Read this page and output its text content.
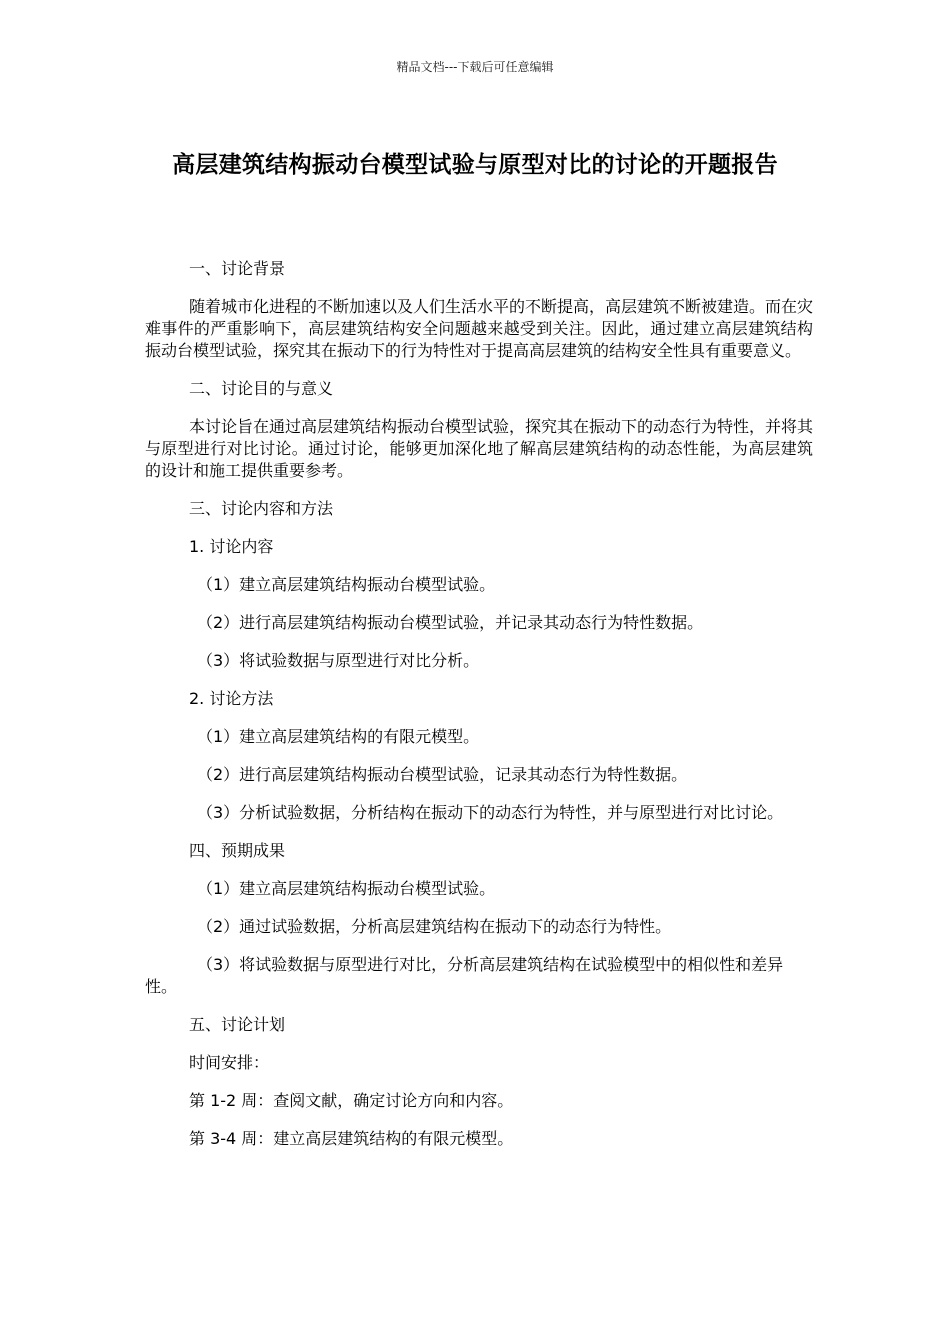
精品文档---下载后可任意编辑
高层建筑结构振动台模型试验与原型对比的讨论的开题报告

一、讨论背景

随着城市化进程的不断加速以及人们生活水平的不断提高，高层建筑不断被建造。而在灾难事件的严重影响下，高层建筑结构安全问题越来越受到关注。因此，通过建立高层建筑结构振动台模型试验，探究其在振动下的行为特性对于提高高层建筑的结构安全性具有重要意义。

二、讨论目的与意义

本讨论旨在通过高层建筑结构振动台模型试验，探究其在振动下的动态行为特性，并将其与原型进行对比讨论。通过讨论，能够更加深化地了解高层建筑结构的动态性能，为高层建筑的设计和施工提供重要参考。

三、讨论内容和方法

1. 讨论内容

（1）建立高层建筑结构振动台模型试验。

（2）进行高层建筑结构振动台模型试验，并记录其动态行为特性数据。

（3）将试验数据与原型进行对比分析。

2. 讨论方法

（1）建立高层建筑结构的有限元模型。

（2）进行高层建筑结构振动台模型试验，记录其动态行为特性数据。

（3）分析试验数据，分析结构在振动下的动态行为特性，并与原型进行对比讨论。

四、预期成果

（1）建立高层建筑结构振动台模型试验。

（2）通过试验数据，分析高层建筑结构在振动下的动态行为特性。

（3）将试验数据与原型进行对比，分析高层建筑结构在试验模型中的相似性和差异性。

五、讨论计划

时间安排：

第 1-2 周：查阅文献，确定讨论方向和内容。

第 3-4 周：建立高层建筑结构的有限元模型。
